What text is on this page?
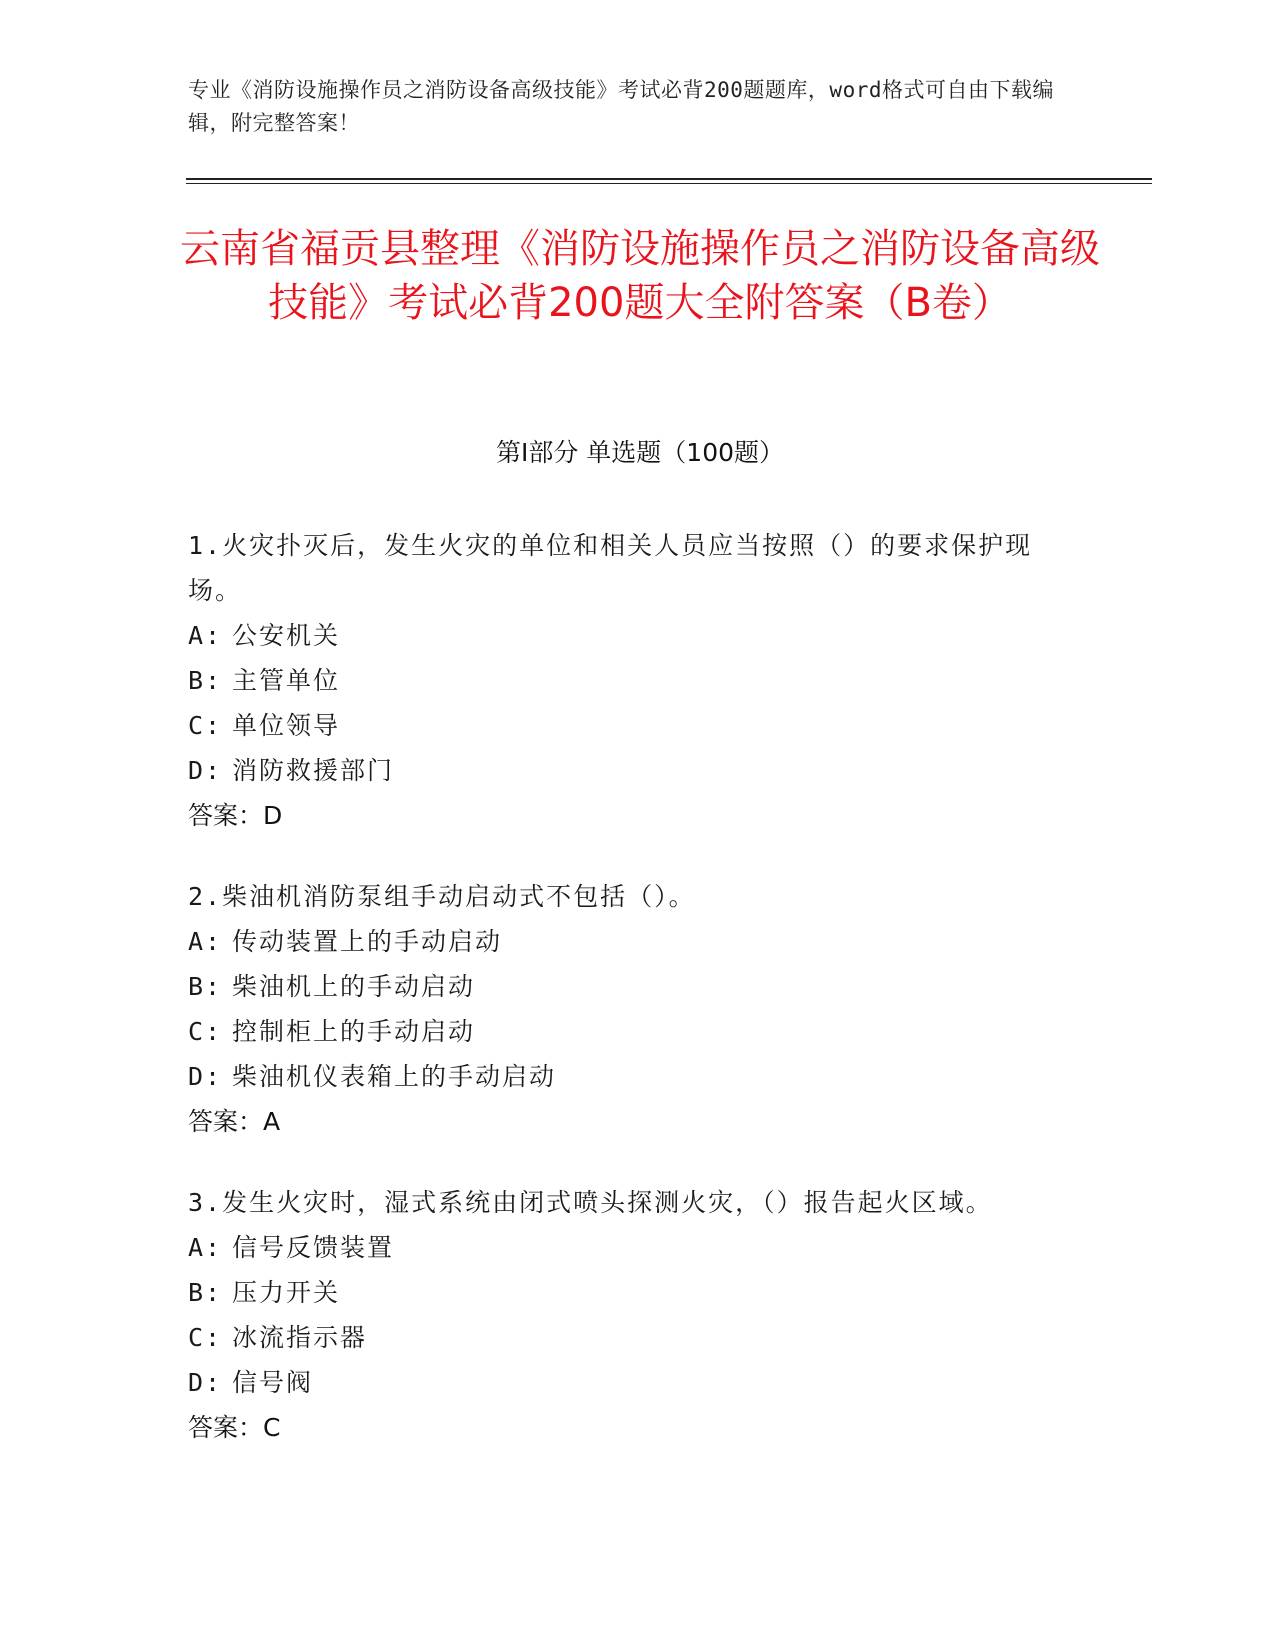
专业《消防设施操作员之消防设备高级技能》考试必背200题题库，word格式可自由下载编辑，附完整答案！
云南省福贡县整理《消防设施操作员之消防设备高级技能》考试必背200题大全附答案（B卷）
第I部分 单选题（100题）
1.火灾扑灭后，发生火灾的单位和相关人员应当按照（）的要求保护现场。
A: 公安机关
B: 主管单位
C: 单位领导
D: 消防救援部门
答案：D
2.柴油机消防泵组手动启动式不包括（）。
A: 传动装置上的手动启动
B: 柴油机上的手动启动
C: 控制柜上的手动启动
D: 柴油机仪表箱上的手动启动
答案：A
3.发生火灾时，湿式系统由闭式喷头探测火灾，（）报告起火区域。
A: 信号反馈装置
B: 压力开关
C: 冰流指示器
D: 信号阀
答案：C
